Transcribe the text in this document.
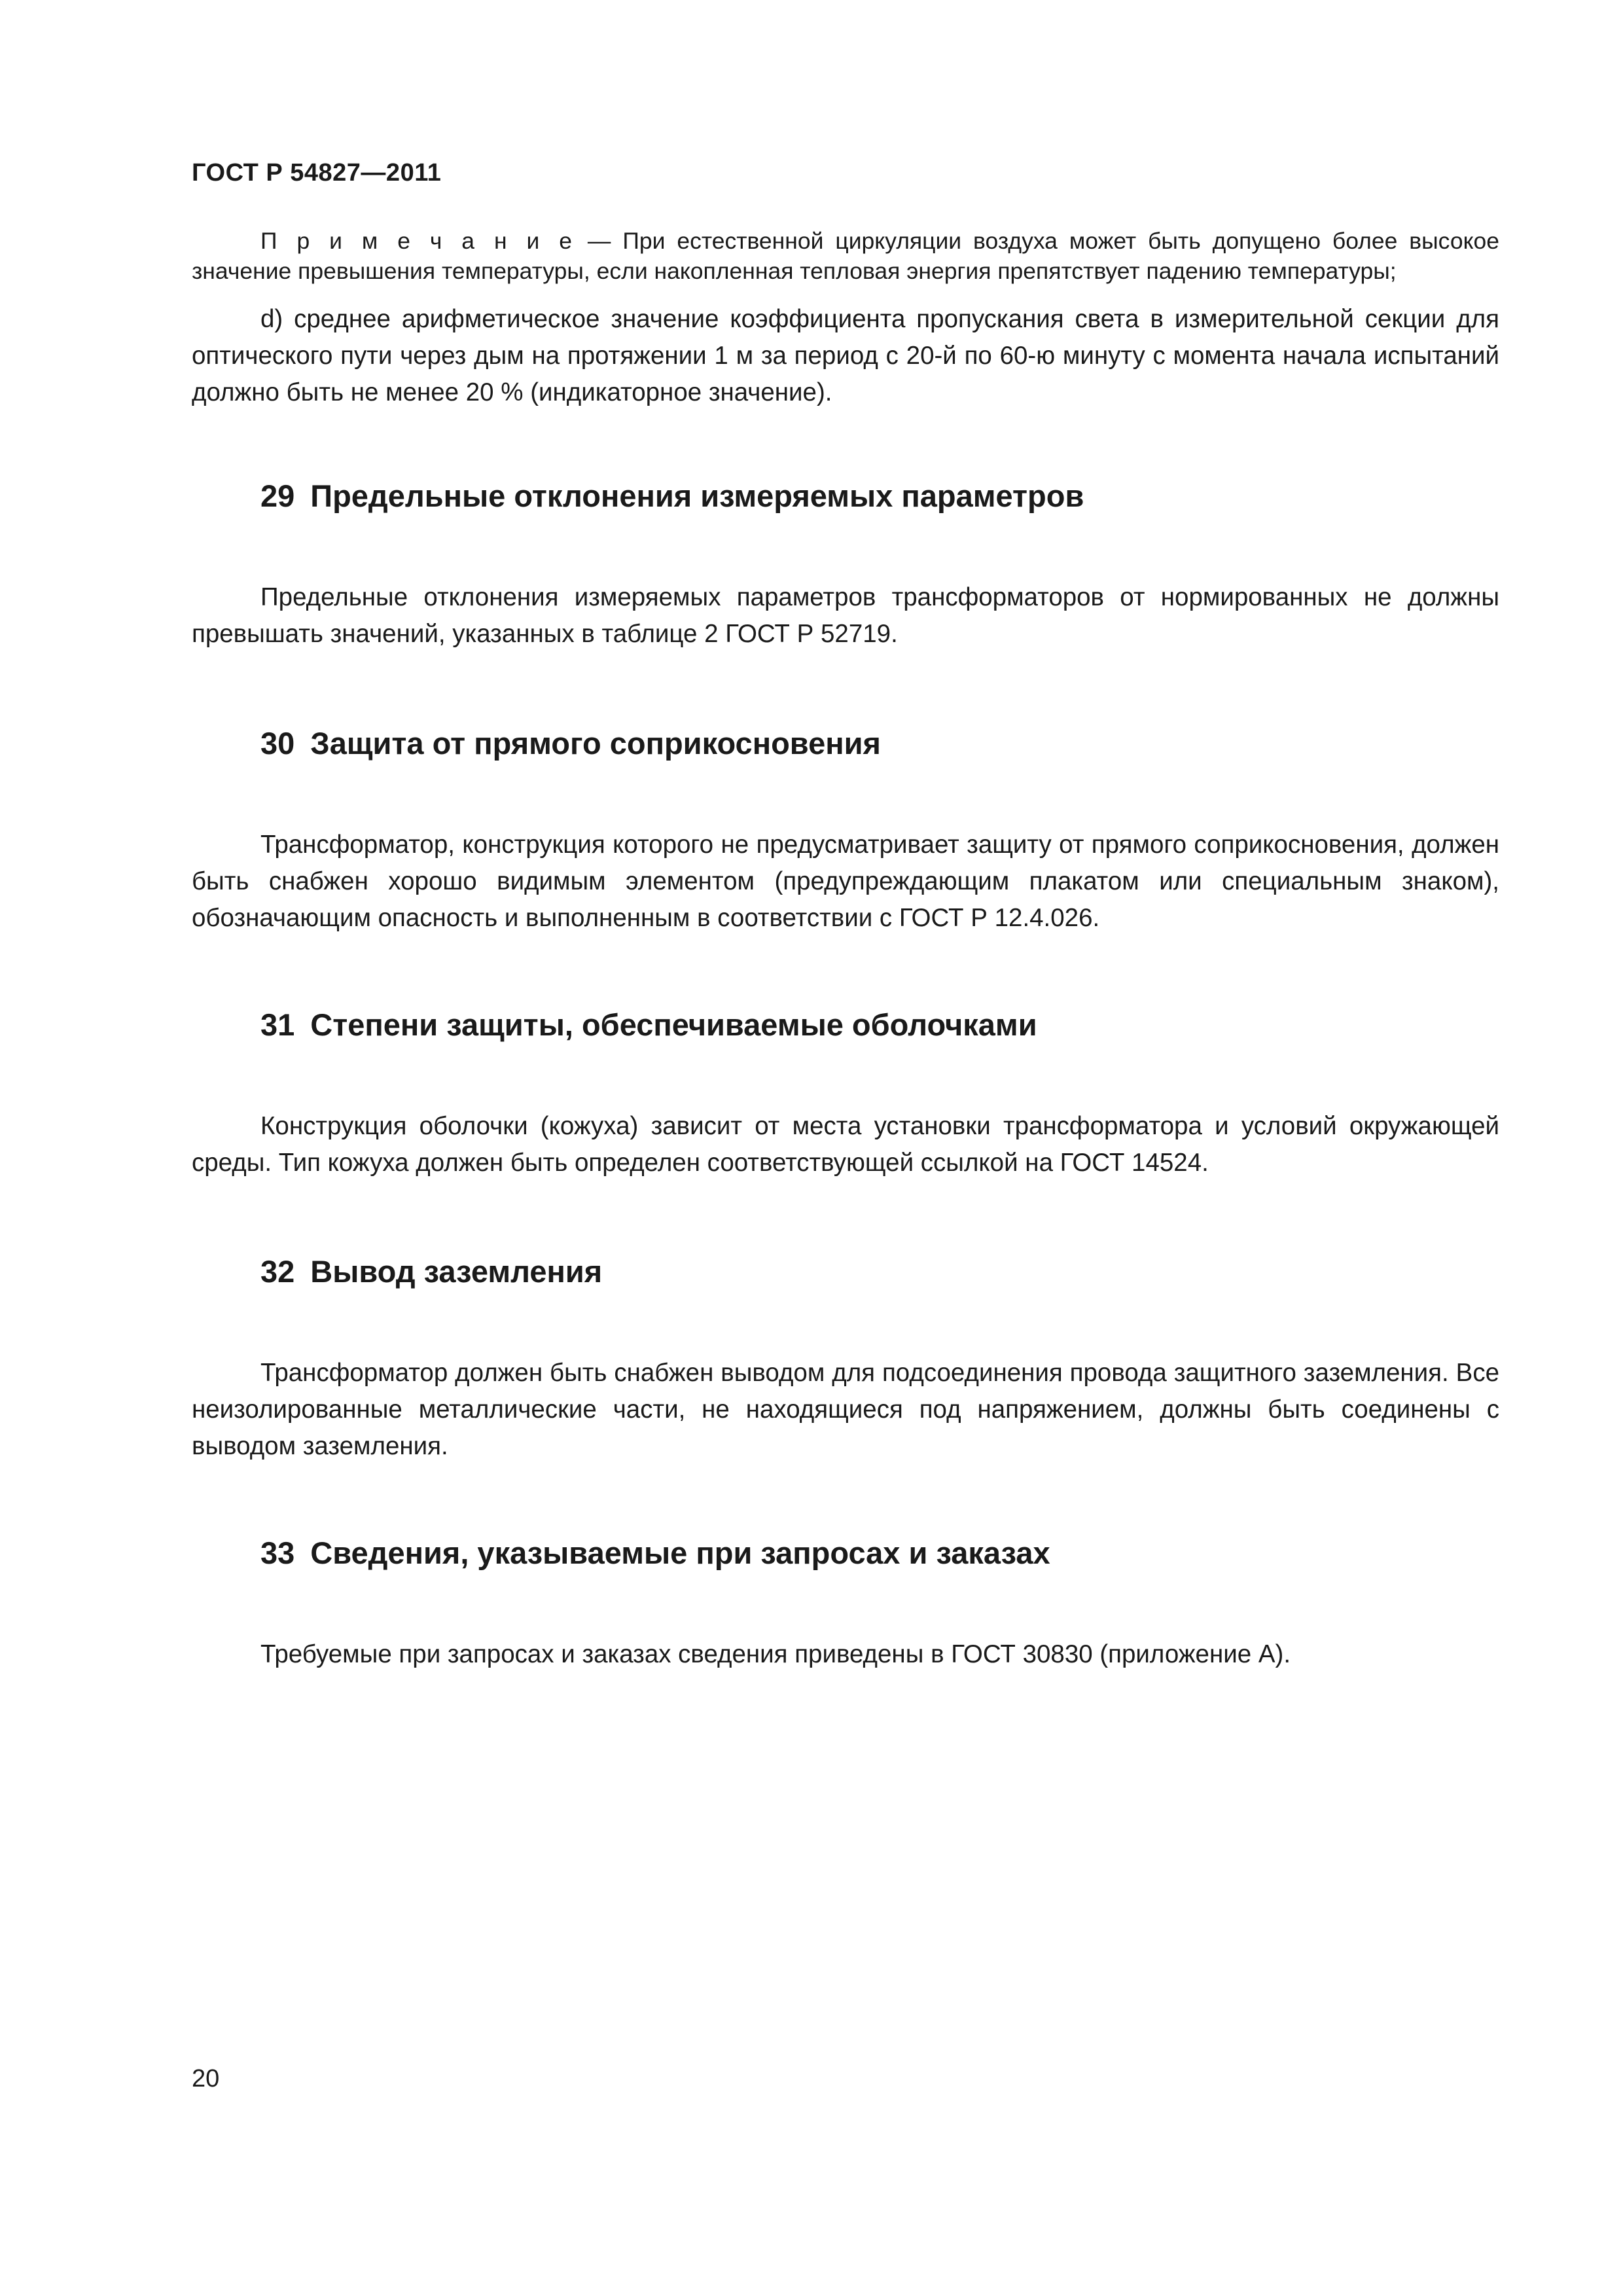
ГОСТ Р 54827—2011

П р и м е ч а н и е — При естественной циркуляции воздуха может быть допущено более высокое значение превышения температуры, если накопленная тепловая энергия препятствует падению температуры;

d) среднее арифметическое значение коэффициента пропускания света в измерительной секции для оптического пути через дым на протяжении 1 м за период с 20-й по 60-ю минуту с момента начала испытаний должно быть не менее 20 % (индикаторное значение).

29 Предельные отклонения измеряемых параметров

Предельные отклонения измеряемых параметров трансформаторов от нормированных не должны превышать значений, указанных в таблице 2 ГОСТ Р 52719.

30 Защита от прямого соприкосновения

Трансформатор, конструкция которого не предусматривает защиту от прямого соприкосновения, должен быть снабжен хорошо видимым элементом (предупреждающим плакатом или специальным знаком), обозначающим опасность и выполненным в соответствии с ГОСТ Р 12.4.026.

31 Степени защиты, обеспечиваемые оболочками

Конструкция оболочки (кожуха) зависит от места установки трансформатора и условий окружающей среды. Тип кожуха должен быть определен соответствующей ссылкой на ГОСТ 14524.

32 Вывод заземления

Трансформатор должен быть снабжен выводом для подсоединения провода защитного заземления. Все неизолированные металлические части, не находящиеся под напряжением, должны быть соединены с выводом заземления.

33 Сведения, указываемые при запросах и заказах

Требуемые при запросах и заказах сведения приведены в ГОСТ 30830 (приложение А).

20
